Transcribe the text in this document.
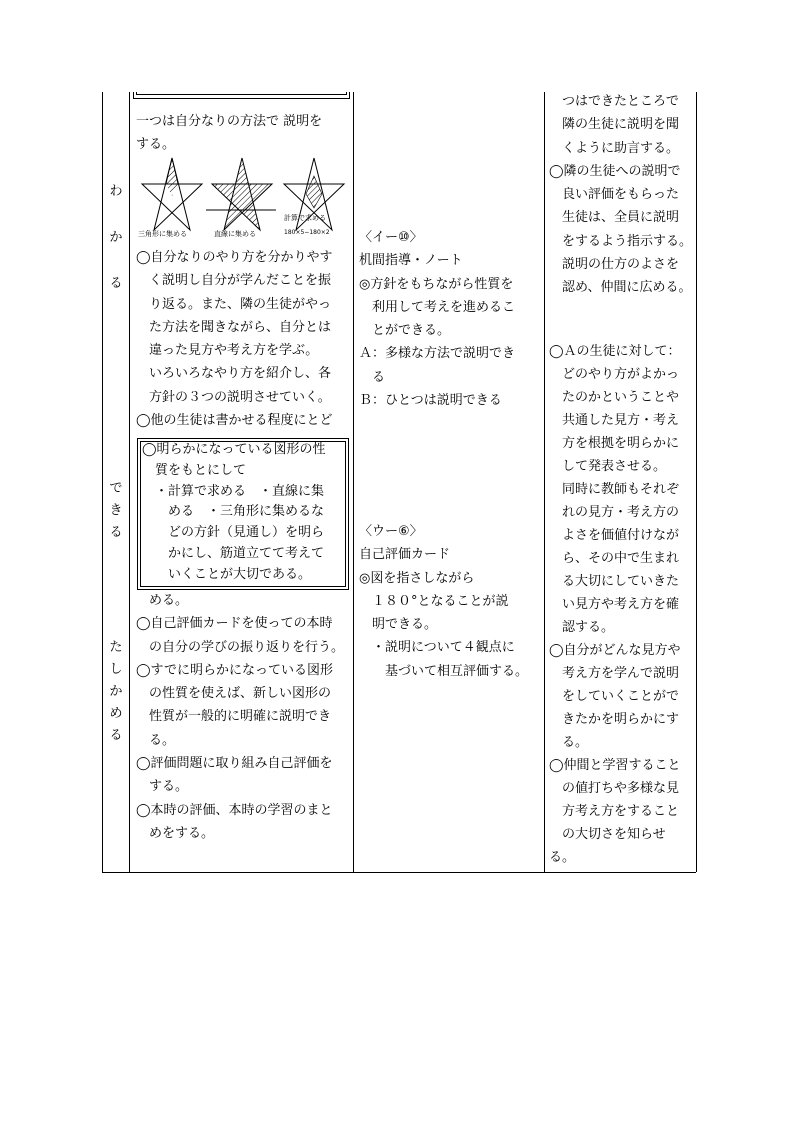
わ
か
る
で
き
る
た
し
か
め
る
一つは自分なりの方法で 説明を
する。
三角形に集める	直線に集める
計算で求める
180×5−180×2
◯自分なりのやり方を分かりやす
　く説明し自分が学んだことを振
　り返る。また、隣の生徒がやっ
　た方法を聞きながら、自分とは
　違った見方や考え方を学ぶ。
　いろいろなやり方を紹介し、各
　方針の３つの説明させていく。
◯他の生徒は書かせる程度にとど
◯明らかになっている図形の性
　質をもとにして
　・計算で求める　・直線に集
　　める　・三角形に集めるな
　　どの方針（見通し）を明ら
　　かにし、筋道立てて考えて
　　いくことが大切である。
　める。
◯自己評価カードを使っての本時
　の自分の学びの振り返りを行う。
◯すでに明らかになっている図形
　の性質を使えば、新しい図形の
　性質が一般的に明確に説明でき
　る。
◯評価問題に取り組み自己評価を
　する。
◯本時の評価、本時の学習のまと
　めをする。
〈イー⑩〉
机間指導・ノート
◎方針をもちながら性質を
　利用して考えを進めるこ
　とができる。
Ａ：多様な方法で説明でき
　る
Ｂ：ひとつは説明できる
〈ウー⑥〉
自己評価カード
◎図を指さしながら
　１８０°となることが説
　明できる。
　・説明について４観点に
　　基づいて相互評価する。
　つはできたところで
　隣の生徒に説明を聞
　くように助言する。
◯隣の生徒への説明で
　良い評価をもらった
　生徒は、全員に説明
　をするよう指示する。
　説明の仕方のよさを
　認め、仲間に広める。
◯Ａの生徒に対して：
　どのやり方がよかっ
　たのかということや
　共通した見方・考え
　方を根拠を明らかに
　して発表させる。
　同時に教師もそれぞ
　れの見方・考え方の
　よさを価値付けなが
　ら、その中で生まれ
　る大切にしていきた
　い見方や考え方を確
　認する。
◯自分がどんな見方や
　考え方を学んで説明
　をしていくことがで
　きたかを明らかにす
　る。
◯仲間と学習すること
　の値打ちや多様な見
　方考え方をすること
　の大切さを知らせ
る。
